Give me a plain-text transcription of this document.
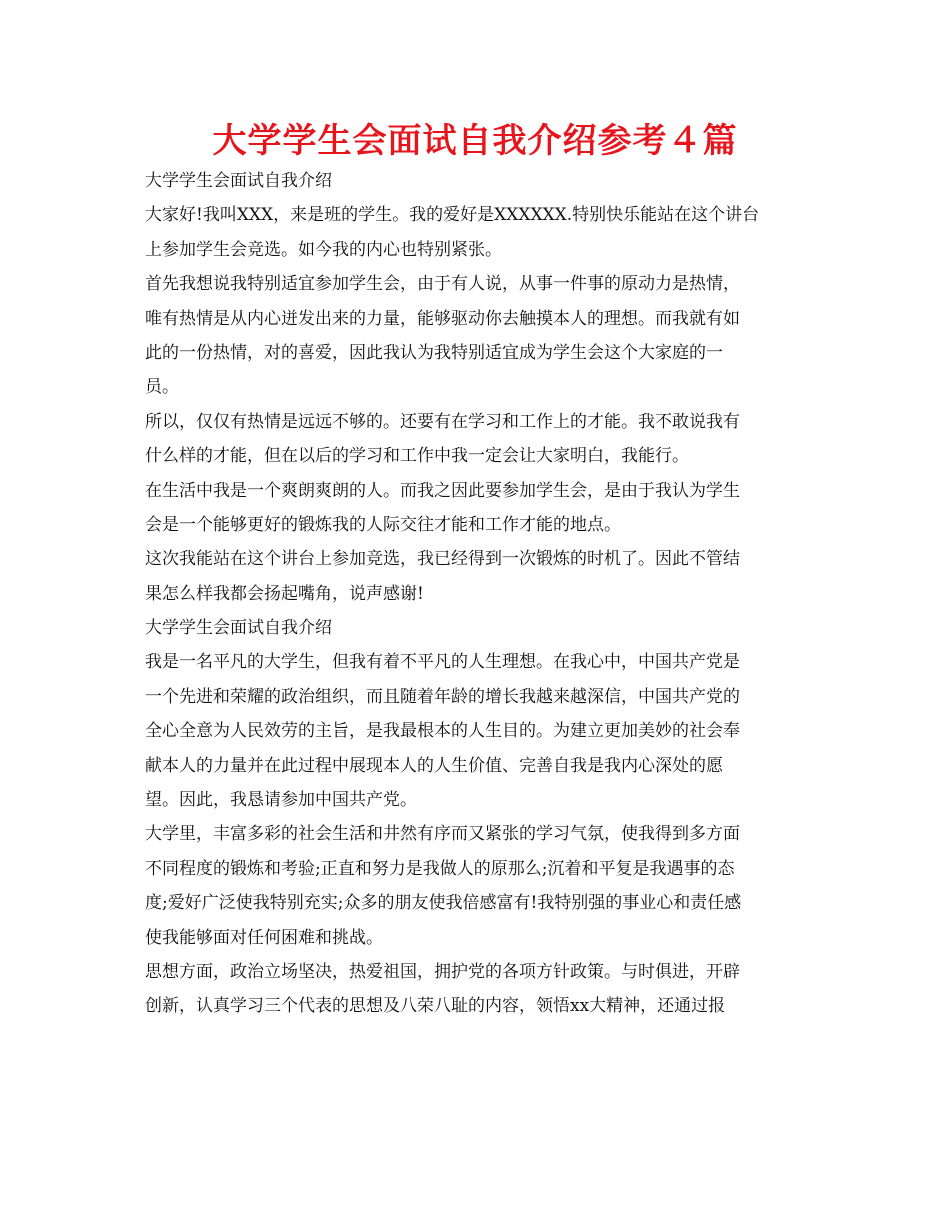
大学学生会面试自我介绍参考４篇
大学学生会面试自我介绍
大家好!我叫XXX，来是班的学生。我的爱好是XXXXXX.特别快乐能站在这个讲台
上参加学生会竞选。如今我的内心也特别紧张。
首先我想说我特别适宜参加学生会，由于有人说，从事一件事的原动力是热情，
唯有热情是从内心迸发出来的力量，能够驱动你去触摸本人的理想。而我就有如
此的一份热情，对的喜爱，因此我认为我特别适宜成为学生会这个大家庭的一
员。
所以，仅仅有热情是远远不够的。还要有在学习和工作上的才能。我不敢说我有
什么样的才能，但在以后的学习和工作中我一定会让大家明白，我能行。
在生活中我是一个爽朗爽朗的人。而我之因此要参加学生会，是由于我认为学生
会是一个能够更好的锻炼我的人际交往才能和工作才能的地点。
这次我能站在这个讲台上参加竞选，我已经得到一次锻炼的时机了。因此不管结
果怎么样我都会扬起嘴角，说声感谢!
大学学生会面试自我介绍
我是一名平凡的大学生，但我有着不平凡的人生理想。在我心中，中国共产党是
一个先进和荣耀的政治组织，而且随着年龄的增长我越来越深信，中国共产党的
全心全意为人民效劳的主旨，是我最根本的人生目的。为建立更加美妙的社会奉
献本人的力量并在此过程中展现本人的人生价值、完善自我是我内心深处的愿
望。因此，我恳请参加中国共产党。
大学里，丰富多彩的社会生活和井然有序而又紧张的学习气氛，使我得到多方面
不同程度的锻炼和考验;正直和努力是我做人的原那么;沉着和平复是我遇事的态
度;爱好广泛使我特别充实;众多的朋友使我倍感富有!我特别强的事业心和责任感
使我能够面对任何困难和挑战。
思想方面，政治立场坚决，热爱祖国，拥护党的各项方针政策。与时俱进，开辟
创新，认真学习三个代表的思想及八荣八耻的内容，领悟xx大精神，还通过报
